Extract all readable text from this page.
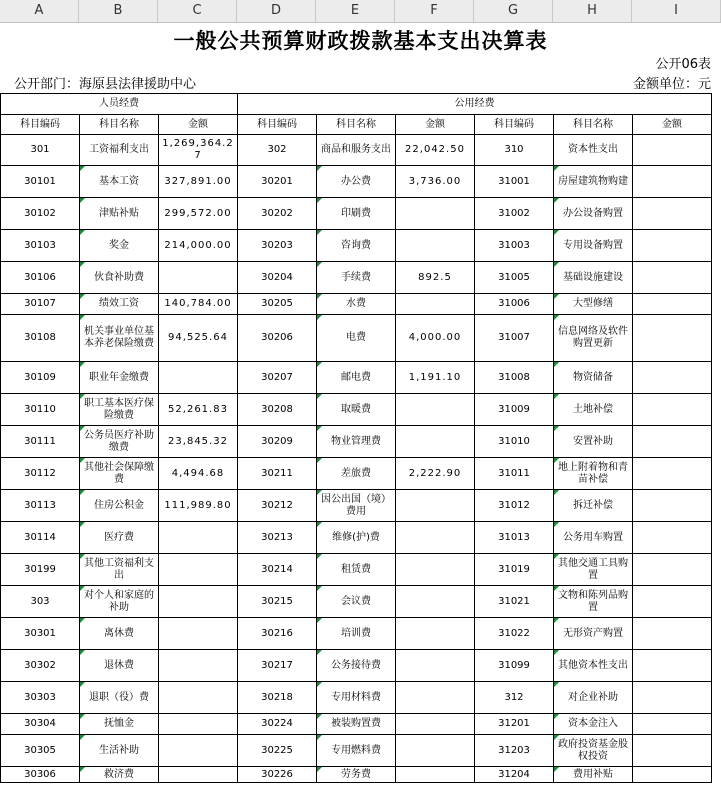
A	B	C	D	E	F	G	H	I
一般公共预算财政拨款基本支出决算表
公开06表
公开部门：海原县法律援助中心	金额单位：元
人员经费			公用经费					
科目编码	科目名称	金额	科目编码	科目名称	金额	科目编码	科目名称	金额
301	工资福利支出	1,269,364.27	302	商品和服务支出	22,042.50	310	资本性支出	
30101	基本工资	327,891.00	30201	办公费	3,736.00	31001	房屋建筑物购建	
30102	津贴补贴	299,572.00	30202	印刷费		31002	办公设备购置	
30103	奖金	214,000.00	30203	咨询费		31003	专用设备购置	
30106	伙食补助费		30204	手续费	892.5	31005	基础设施建设	
30107	绩效工资	140,784.00	30205	水费		31006	大型修缮	
30108	机关事业单位基本养老保险缴费	94,525.64	30206	电费	4,000.00	31007	信息网络及软件购置更新	
30109	职业年金缴费		30207	邮电费	1,191.10	31008	物资储备	
30110	职工基本医疗保险缴费	52,261.83	30208	取暖费		31009	土地补偿	
30111	公务员医疗补助缴费	23,845.32	30209	物业管理费		31010	安置补助	
30112	其他社会保障缴费	4,494.68	30211	差旅费	2,222.90	31011	地上附着物和青苗补偿	
30113	住房公积金	111,989.80	30212	因公出国（境）费用		31012	拆迁补偿	
30114	医疗费		30213	维修(护)费		31013	公务用车购置	
30199	其他工资福利支出		30214	租赁费		31019	其他交通工具购置	
303	对个人和家庭的补助		30215	会议费		31021	文物和陈列品购置	
30301	离休费		30216	培训费		31022	无形资产购置	
30302	退休费		30217	公务接待费		31099	其他资本性支出	
30303	退职（役）费		30218	专用材料费		312	对企业补助	
30304	抚恤金		30224	被装购置费		31201	资本金注入	
30305	生活补助		30225	专用燃料费		31203	政府投资基金股权投资	
30306	救济费		30226	劳务费		31204	费用补贴	
